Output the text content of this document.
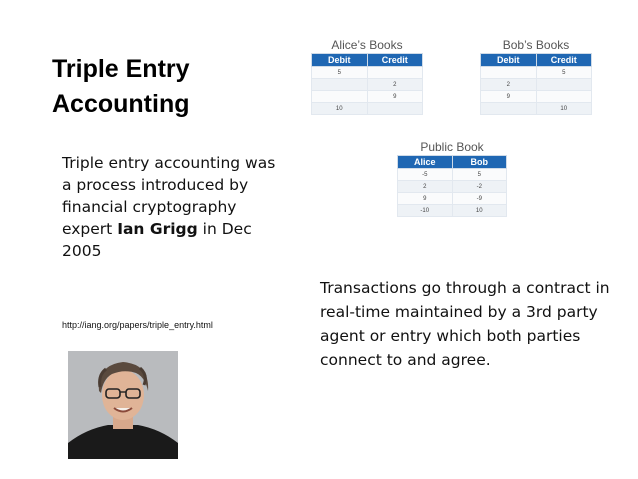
Triple Entry
Accounting
Triple entry accounting was a process introduced by financial cryptography expert Ian Grigg in Dec 2005
http://iang.org/papers/triple_entry.html
Transactions go through a contract in real-time maintained by a 3rd party agent or entry which both parties connect to and agree.
Alice’s Books
Debit	Credit
5	
	2
	9
10	
Bob’s Books
Debit	Credit
	5
2	
9	
	10
Public Book
Alice	Bob
-5	5
2	-2
9	-9
-10	10
